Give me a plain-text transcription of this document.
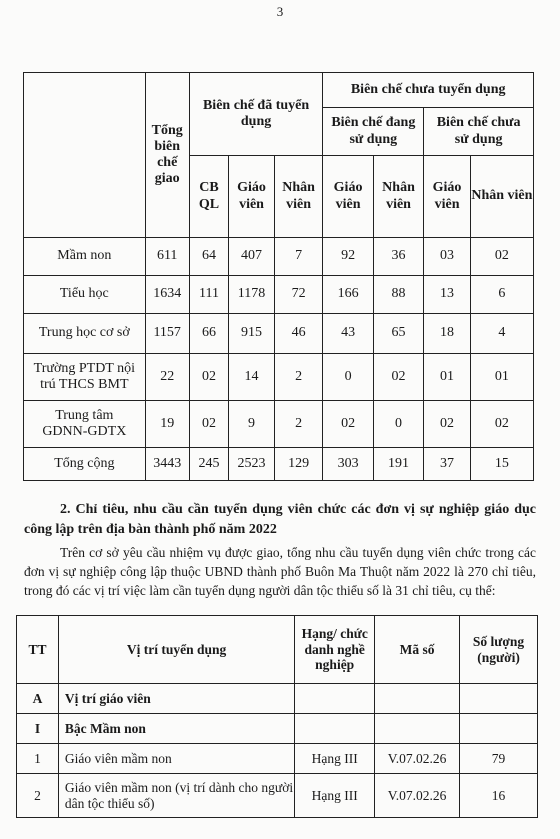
3
	Tổng biên chế giao	Biên chế đã tuyển dụng			Biên chế chưa tuyển dụng			
					Biên chế đang sử dụng		Biên chế chưa sử dụng	
		CB QL	Giáo viên	Nhân viên	Giáo viên	Nhân viên	Giáo viên	Nhân viên
Mầm non	611	64	407	7	92	36	03	02
Tiểu học	1634	111	1178	72	166	88	13	6
Trung học cơ sở	1157	66	915	46	43	65	18	4
Trường PTDT nội trú THCS BMT	22	02	14	2	0	02	01	01
Trung tâm GDNN-GDTX	19	02	9	2	02	0	02	02
Tổng cộng	3443	245	2523	129	303	191	37	15
2. Chỉ tiêu, nhu cầu cần tuyển dụng viên chức các đơn vị sự nghiệp giáo dục công lập trên địa bàn thành phố năm 2022
Trên cơ sở yêu cầu nhiệm vụ được giao, tổng nhu cầu tuyển dụng viên chức trong các đơn vị sự nghiệp công lập thuộc UBND thành phố Buôn Ma Thuột năm 2022 là 270 chỉ tiêu, trong đó các vị trí việc làm cần tuyển dụng người dân tộc thiểu số là 31 chỉ tiêu, cụ thể:
TT	Vị trí tuyển dụng	Hạng/ chức danh nghề nghiệp	Mã số	Số lượng (người)
A	Vị trí giáo viên			
I	Bậc Mầm non			
1	Giáo viên mầm non	Hạng III	V.07.02.26	79
2	Giáo viên mầm non (vị trí dành cho người dân tộc thiểu số)	Hạng III	V.07.02.26	16
